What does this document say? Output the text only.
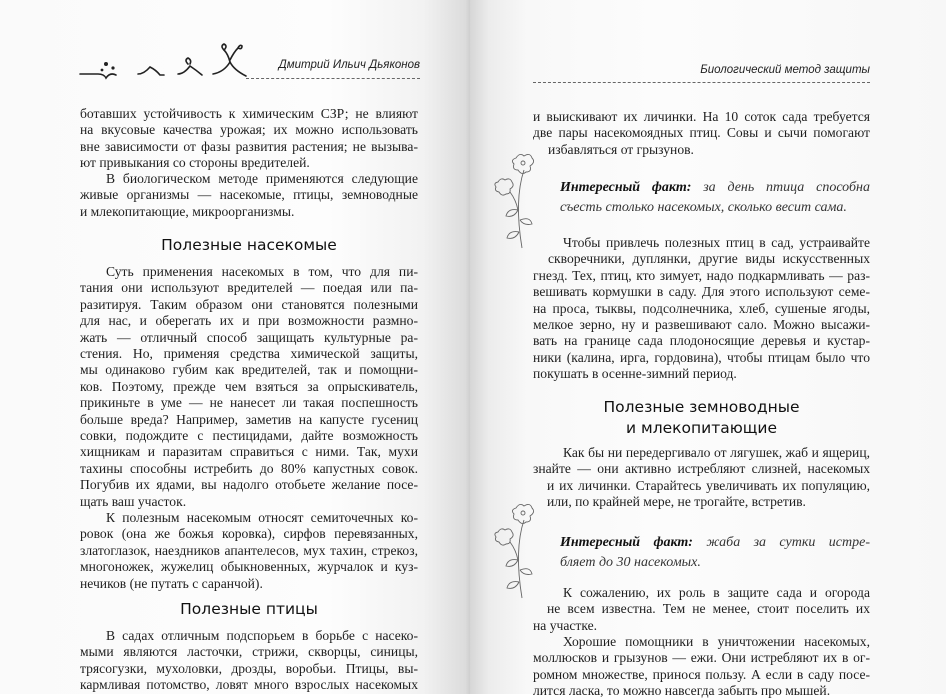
Дмитрий Ильич Дьяконов
ботавших устойчивость к химическим СЗР; не влияют
на вкусовые качества урожая; их можно использовать
вне зависимости от фазы развития растения; не вызыва-
ют привыкания со стороны вредителей.
В биологическом методе применяются следующие
живые организмы — насекомые, птицы, земноводные
и млекопитающие, микроорганизмы.
Суть применения насекомых в том, что для пи-
тания они используют вредителей — поедая или па-
разитируя. Таким образом они становятся полезными
для нас, и оберегать их и при возможности размно-
жать — отличный способ защищать культурные ра-
стения. Но, применяя средства химической защиты,
мы одинаково губим как вредителей, так и помощни-
ков. Поэтому, прежде чем взяться за опрыскиватель,
прикиньте в уме — не нанесет ли такая поспешность
больше вреда? Например, заметив на капусте гусениц
совки, подождите с пестицидами, дайте возможность
хищникам и паразитам справиться с ними. Так, мухи
тахины способны истребить до 80% капустных совок.
Погубив их ядами, вы надолго отобьете желание посе-
щать ваш участок.
К полезным насекомым относят семиточечных ко-
ровок (она же божья коровка), сирфов перевязанных,
златоглазок, наездников апантелесов, мух тахин, стрекоз,
многоножек, жужелиц обыкновенных, журчалок и куз-
нечиков (не путать с саранчой).
В садах отличным подспорьем в борьбе с насеко-
мыми являются ласточки, стрижи, скворцы, синицы,
трясогузки, мухоловки, дрозды, воробьи. Птицы, вы-
кармливая потомство, ловят много взрослых насекомых
Полезные насекомые
Полезные птицы
Биологический метод защиты
и выискивают их личинки. На 10 соток сада требуется
две пары насекомоядных птиц. Совы и сычи помогают
избавляться от грызунов.
Чтобы привлечь полезных птиц в сад, устраивайте
скворечники, дуплянки, другие виды искусственных
гнезд. Тех, птиц, кто зимует, надо подкармливать — раз-
вешивать кормушки в саду. Для этого используют семе-
на проса, тыквы, подсолнечника, хлеб, сушеные ягоды,
мелкое зерно, ну и развешивают сало. Можно высажи-
вать на границе сада плодоносящие деревья и кустар-
ники (калина, ирга, гордовина), чтобы птицам было что
покушать в осенне-зимний период.
Как бы ни передергивало от лягушек, жаб и ящериц,
знайте — они активно истребляют слизней, насекомых
и их личинки. Старайтесь увеличивать их популяцию,
или, по крайней мере, не трогайте, встретив.
К сожалению, их роль в защите сада и огорода
не всем известна. Тем не менее, стоит поселить их
на участке.
Хорошие помощники в уничтожении насекомых,
моллюсков и грызунов — ежи. Они истребляют их в ог-
ромном множестве, принося пользу. А если в саду посе-
лится ласка, то можно навсегда забыть про мышей.
Интересный факт: за день птица способна
съесть столько насекомых, сколько весит сама.
Полезные земноводные
и млекопитающие
Интересный факт: жаба за сутки истре-
бляет до 30 насекомых.
